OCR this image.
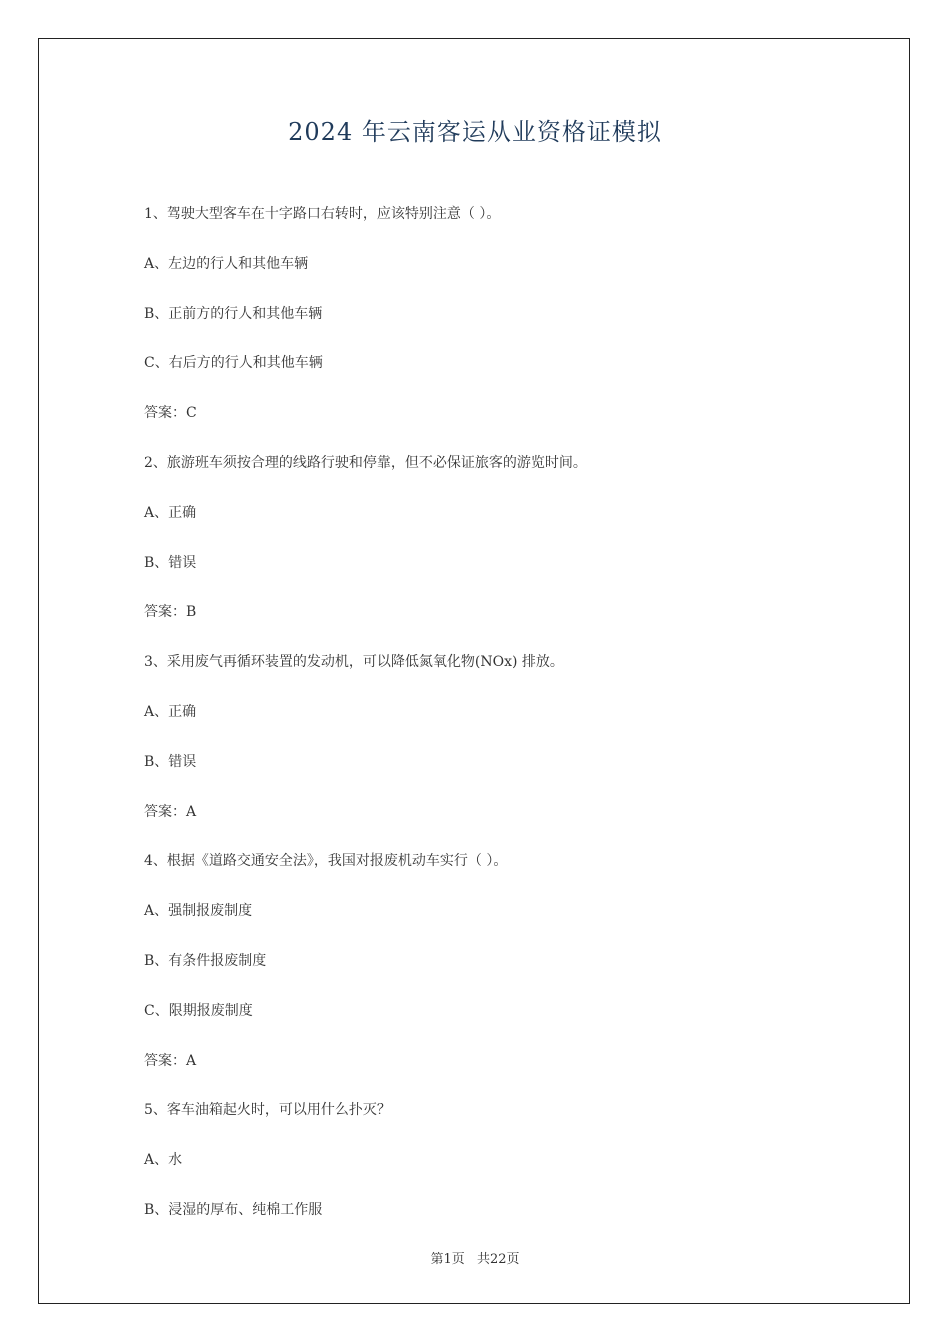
2024 年云南客运从业资格证模拟
1、驾驶大型客车在十字路口右转时，应该特别注意（ ）。
A、左边的行人和其他车辆
B、正前方的行人和其他车辆
C、右后方的行人和其他车辆
答案：C
2、旅游班车须按合理的线路行驶和停靠，但不必保证旅客的游览时间。
A、正确
B、错误
答案：B
3、采用废气再循环装置的发动机，可以降低氮氧化物(NOx) 排放。
A、正确
B、错误
答案：A
4、根据《道路交通安全法》，我国对报废机动车实行（ ）。
A、强制报废制度
B、有条件报废制度
C、限期报废制度
答案：A
5、客车油箱起火时，可以用什么扑灭？
A、水
B、浸湿的厚布、纯棉工作服
第1页 共22页
